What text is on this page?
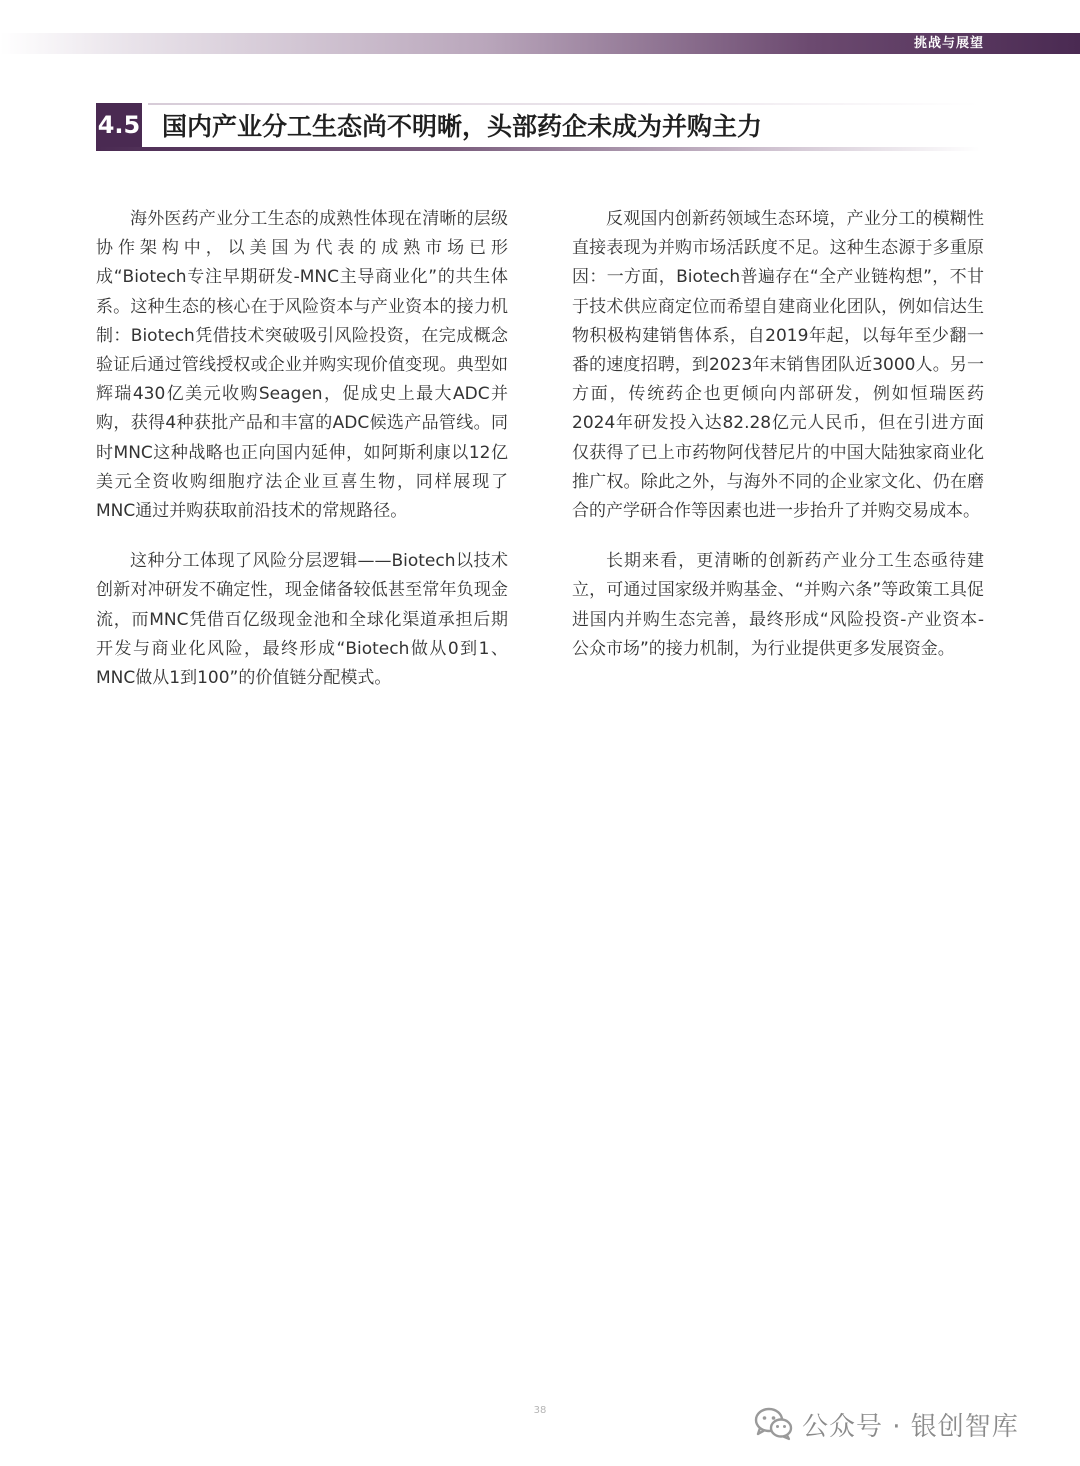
挑战与展望
4.5 国内产业分工生态尚不明晰，头部药企未成为并购主力

海外医药产业分工生态的成熟性体现在清晰的层级协作架构中，以美国为代表的成熟市场已形成“Biotech专注早期研发-MNC主导商业化”的共生体系。这种生态的核心在于风险资本与产业资本的接力机制：Biotech凭借技术突破吸引风险投资，在完成概念验证后通过管线授权或企业并购实现价值变现。典型如辉瑞430亿美元收购Seagen，促成史上最大ADC并购，获得4种获批产品和丰富的ADC候选产品管线。同时MNC这种战略也正向国内延伸，如阿斯利康以12亿美元全资收购细胞疗法企业亘喜生物，同样展现了MNC通过并购获取前沿技术的常规路径。

这种分工体现了风险分层逻辑——Biotech以技术创新对冲研发不确定性，现金储备较低甚至常年负现金流，而MNC凭借百亿级现金池和全球化渠道承担后期开发与商业化风险，最终形成“Biotech做从0到1、MNC做从1到100”的价值链分配模式。

反观国内创新药领域生态环境，产业分工的模糊性直接表现为并购市场活跃度不足。这种生态源于多重原因：一方面，Biotech普遍存在“全产业链构想”，不甘于技术供应商定位而希望自建商业化团队，例如信达生物积极构建销售体系，自2019年起，以每年至少翻一番的速度招聘，到2023年末销售团队近3000人。另一方面，传统药企也更倾向内部研发，例如恒瑞医药2024年研发投入达82.28亿元人民币，但在引进方面仅获得了已上市药物阿伐替尼片的中国大陆独家商业化推广权。除此之外，与海外不同的企业家文化、仍在磨合的产学研合作等因素也进一步抬升了并购交易成本。

长期来看，更清晰的创新药产业分工生态亟待建立，可通过国家级并购基金、“并购六条”等政策工具促进国内并购生态完善，最终形成“风险投资-产业资本-公众市场”的接力机制，为行业提供更多发展资金。

38
公众号 · 银创智库
